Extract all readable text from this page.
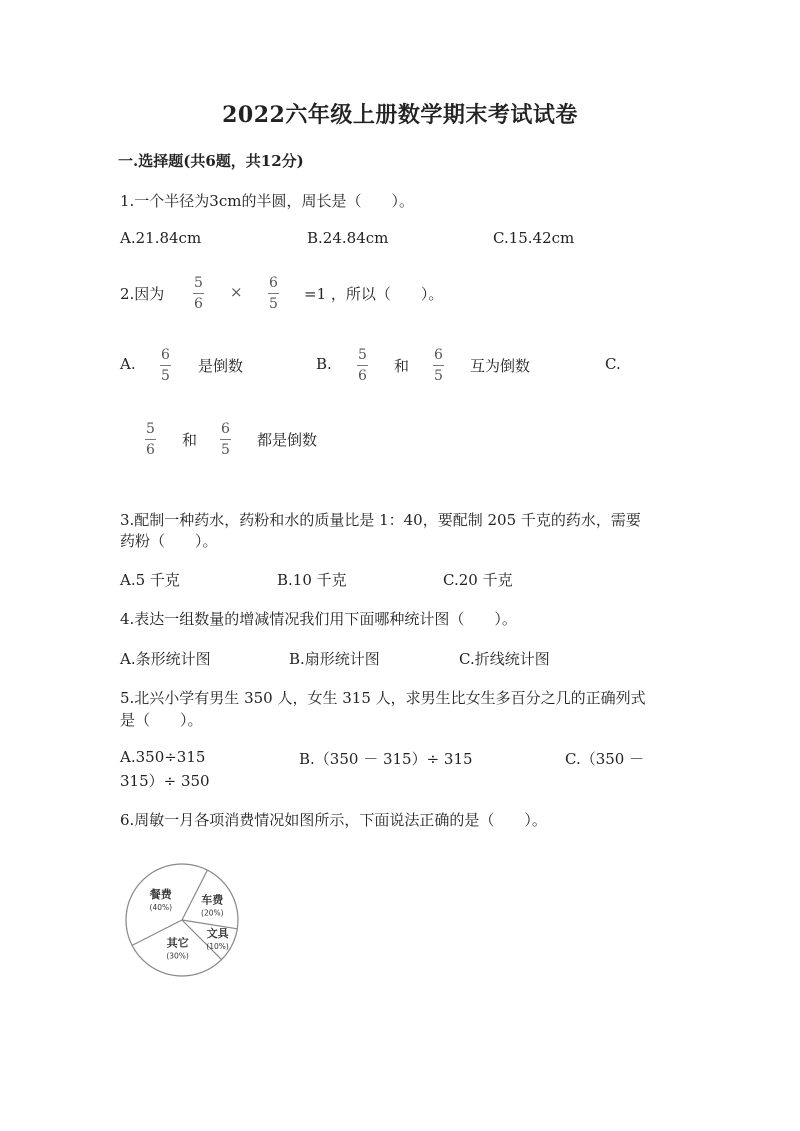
2022六年级上册数学期末考试试卷
一.选择题(共6题，共12分)
1.一个半径为3cm的半圆，周长是（　　）。
A.21.84cm	B.24.84cm	C.15.42cm
2.因为
5
6
× 6
5
=1 ，所以（　　）。
A. 6
5
是倒数	B. 5
6
和
6
5
互为倒数	C.
5
6
和
6
5
都是倒数
3.配制一种药水，药粉和水的质量比是 1：40，要配制 205 千克的药水，需要
药粉（　　）。
A.5 千克	B.10 千克	C.20 千克
4.表达一组数量的增减情况我们用下面哪种统计图（　　）。
A.条形统计图	B.扇形统计图	C.折线统计图
5.北兴小学有男生 350 人，女生 315 人，求男生比女生多百分之几的正确列式
是（　　）。
A.350÷315	B.（350 － 315）÷ 315	C.（350 －
315）÷ 350
6.周敏一月各项消费情况如图所示，下面说法正确的是（　　）。
餐费
(40%)
车费
(20%)
文具
(10%)
其它
(30%)
